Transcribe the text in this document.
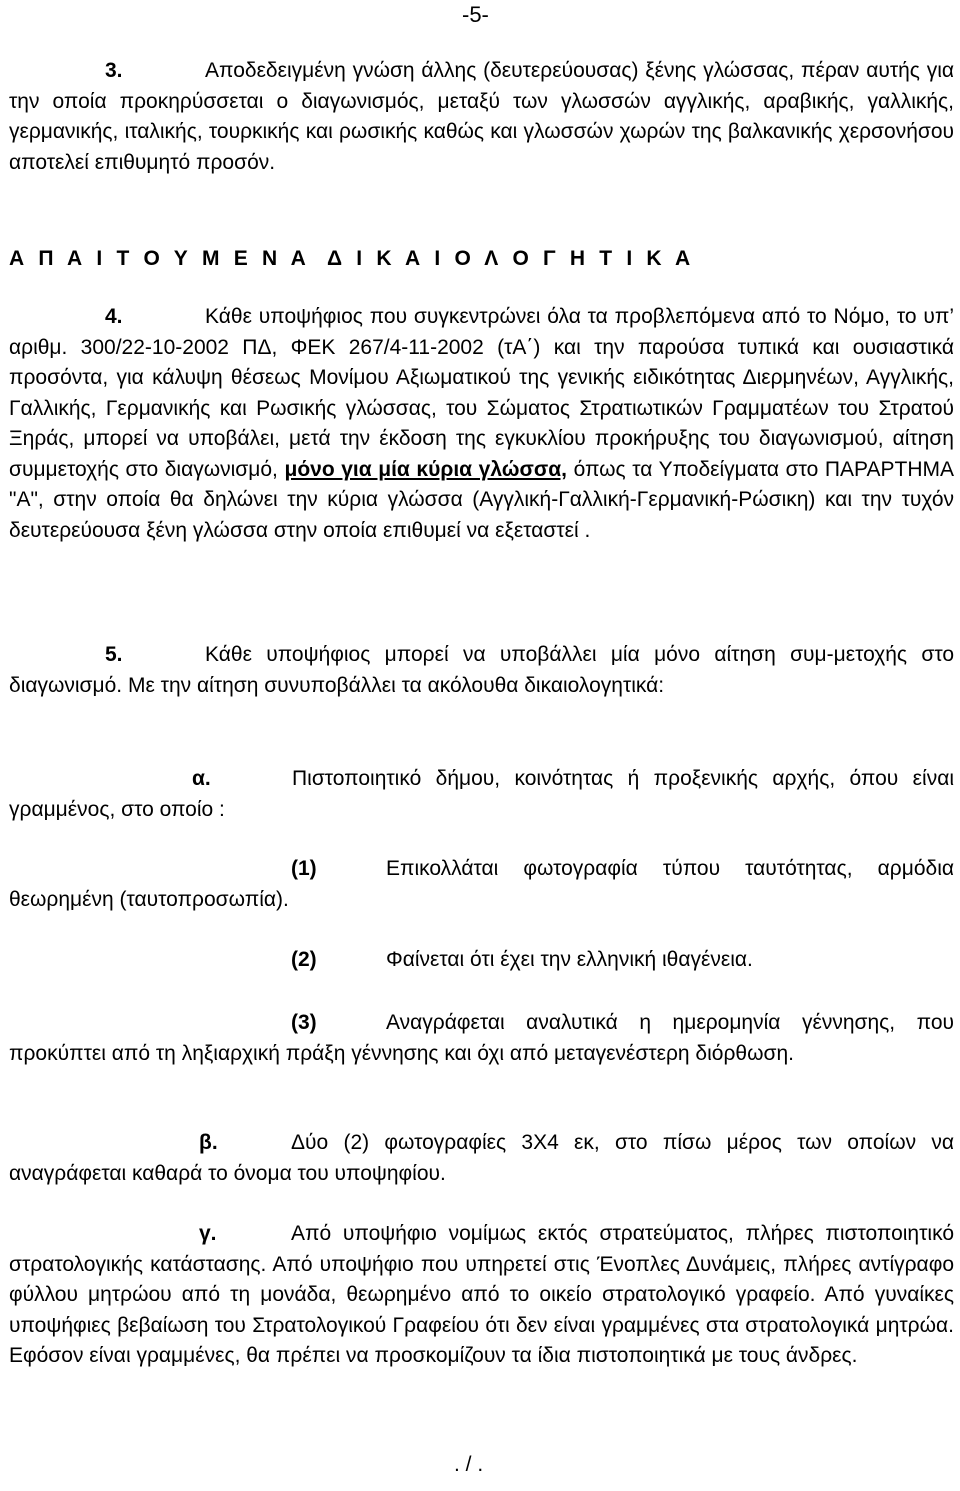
-5-
3.	Αποδεδειγμένη γνώση άλλης (δευτερεύουσας) ξένης γλώσσας, πέραν αυτής για την οποία προκηρύσσεται ο διαγωνισμός, μεταξύ των γλωσσών αγγλικής, αραβικής, γαλλικής, γερμανικής, ιταλικής, τουρκικής και ρωσικής καθώς και γλωσσών χωρών της βαλκανικής χερσονήσου αποτελεί επιθυμητό προσόν.
Α Π Α Ι Τ Ο Υ Μ Ε Ν Α Δ Ι Κ Α Ι Ο Λ Ο Γ Η Τ Ι Κ Α
4.	Κάθε υποψήφιος που συγκεντρώνει όλα τα προβλεπόμενα από το Νόμο, το υπ’ αριθμ. 300/22-10-2002 ΠΔ, ΦΕΚ 267/4-11-2002 (τΑ΄) και την παρούσα τυπικά και ουσιαστικά προσόντα, για κάλυψη θέσεως Μονίμου Αξιωματικού της γενικής ειδικότητας Διερμηνέων, Αγγλικής, Γαλλικής, Γερμανικής και Ρωσικής γλώσσας, του Σώματος Στρατιωτικών Γραμματέων του Στρατού Ξηράς, μπορεί να υποβάλει, μετά την έκδοση της εγκυκλίου προκήρυξης του διαγωνισμού, αίτηση συμμετοχής στο διαγωνισμό, μόνο για μία κύρια γλώσσα, όπως τα Υποδείγματα στο ΠΑΡΑΡΤΗΜΑ "Α", στην οποία θα δηλώνει την κύρια γλώσσα (Αγγλική-Γαλλική-Γερμανική-Ρώσικη) και την τυχόν δευτερεύουσα ξένη γλώσσα στην οποία επιθυμεί να εξεταστεί .
5.	Κάθε υποψήφιος μπορεί να υποβάλλει μία μόνο αίτηση συμ-μετοχής στο διαγωνισμό. Με την αίτηση συνυποβάλλει τα ακόλουθα δικαιολογητικά:
α.	Πιστοποιητικό δήμου, κοινότητας ή προξενικής αρχής, όπου είναι γραμμένος, στο οποίο :
(1)	Επικολλάται φωτογραφία τύπου ταυτότητας, αρμόδια θεωρημένη (ταυτοπροσωπία).
(2)	Φαίνεται ότι έχει την ελληνική ιθαγένεια.
(3)	Αναγράφεται αναλυτικά η ημερομηνία γέννησης, που προκύπτει από τη ληξιαρχική πράξη γέννησης και όχι από μεταγενέστερη διόρθωση.
β.	Δύο (2) φωτογραφίες 3Χ4 εκ, στο πίσω μέρος των οποίων να αναγράφεται καθαρά το όνομα του υποψηφίου.
γ.	Από υποψήφιο νομίμως εκτός στρατεύματος, πλήρες πιστοποιητικό στρατολογικής κατάστασης. Από υποψήφιο που υπηρετεί στις Ένοπλες Δυνάμεις, πλήρες αντίγραφο φύλλου μητρώου από τη μονάδα, θεωρημένο από το οικείο στρατολογικό γραφείο. Από γυναίκες υποψήφιες βεβαίωση του Στρατολογικού Γραφείου ότι δεν είναι γραμμένες στα στρατολογικά μητρώα. Εφόσον είναι γραμμένες, θα πρέπει να προσκομίζουν τα ίδια πιστοποιητικά με τους άνδρες.
. / .
